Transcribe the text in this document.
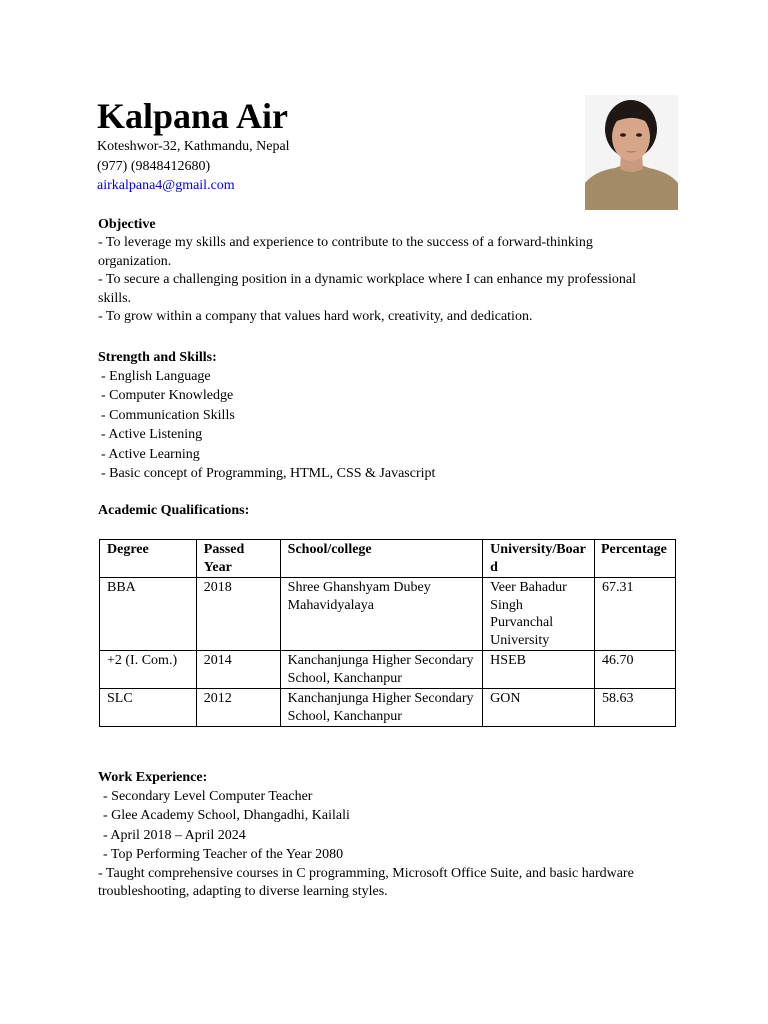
Kalpana Air
Koteshwor-32, Kathmandu, Nepal
(977) (9848412680)
airkalpana4@gmail.com
Objective

- To leverage my skills and experience to contribute to the success of a forward-thinking organization.

- To secure a challenging position in a dynamic workplace where I can enhance my professional skills.

- To grow within a company that values hard work, creativity, and dedication.

Strength and Skills:
- English Language
- Computer Knowledge
- Communication Skills
- Active Listening
- Active Learning
- Basic concept of Programming, HTML, CSS & Javascript
Academic Qualifications:
Degree	Passed Year	School/college	University/Board	Percentage
BBA	2018	Shree Ghanshyam Dubey Mahavidyalaya	Veer Bahadur Singh Purvanchal University	67.31
+2 (I. Com.)	2014	Kanchanjunga Higher Secondary School, Kanchanpur	HSEB	46.70
SLC	2012	Kanchanjunga Higher Secondary School, Kanchanpur	GON	58.63
Work Experience:
- Secondary Level Computer Teacher
- Glee Academy School, Dhangadhi, Kailali
- April 2018 – April 2024
- Top Performing Teacher of the Year 2080

- Taught comprehensive courses in C programming, Microsoft Office Suite, and basic hardware troubleshooting, adapting to diverse learning styles.
